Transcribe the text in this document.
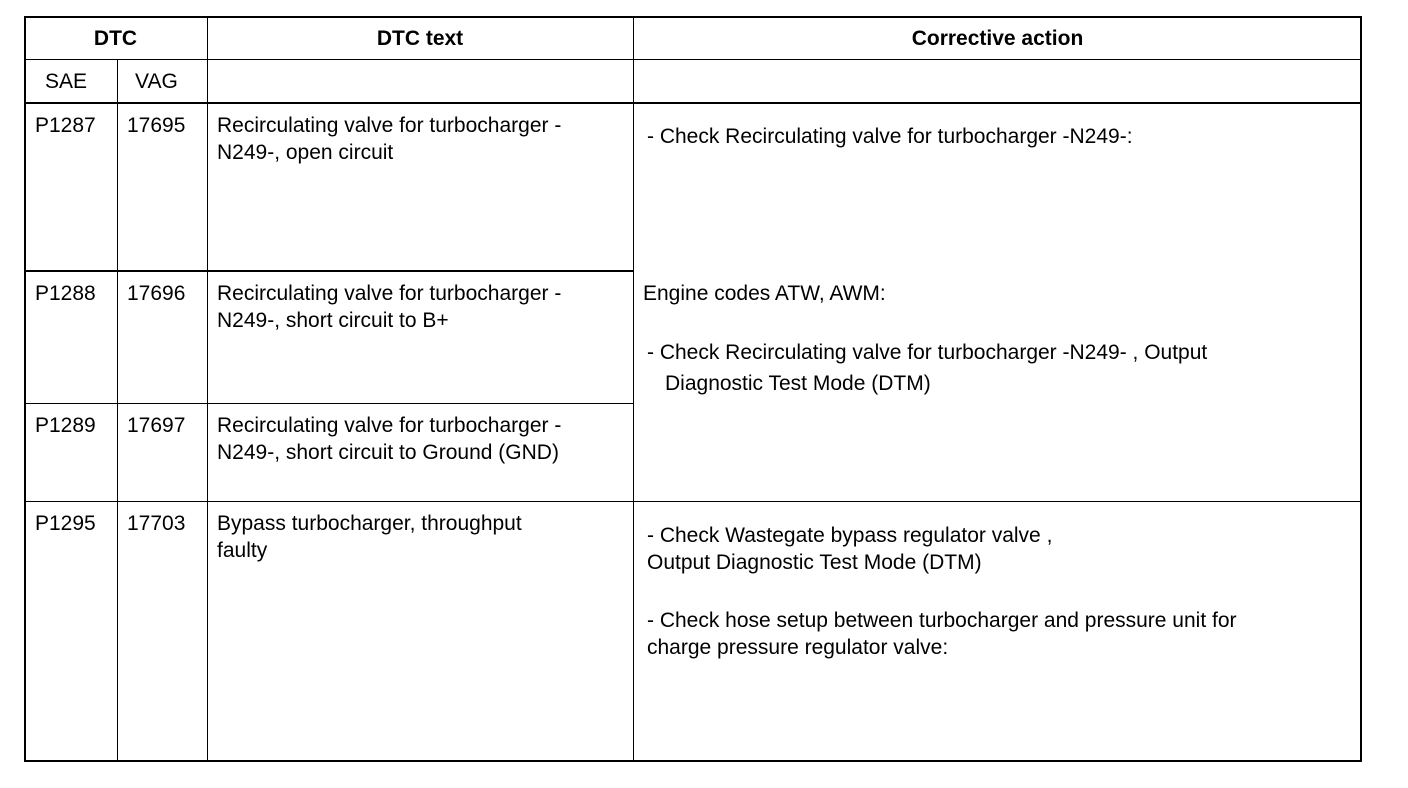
DTC	DTC text	Corrective action
SAE VAG
P1287 17695 Recirculating valve for turbocharger -
N249-, open circuit
P1288 17696 Recirculating valve for turbocharger -
N249-, short circuit to B+
P1289 17697 Recirculating valve for turbocharger -
N249-, short circuit to Ground (GND)
P1295 17703 Bypass turbocharger, throughput
faulty
- Check Recirculating valve for turbocharger -N249-:
Engine codes ATW, AWM:
- Check Recirculating valve for turbocharger -N249- , Output
Diagnostic Test Mode (DTM)
- Check Wastegate bypass regulator valve ,
Output Diagnostic Test Mode (DTM)
- Check hose setup between turbocharger and pressure unit for
charge pressure regulator valve:
